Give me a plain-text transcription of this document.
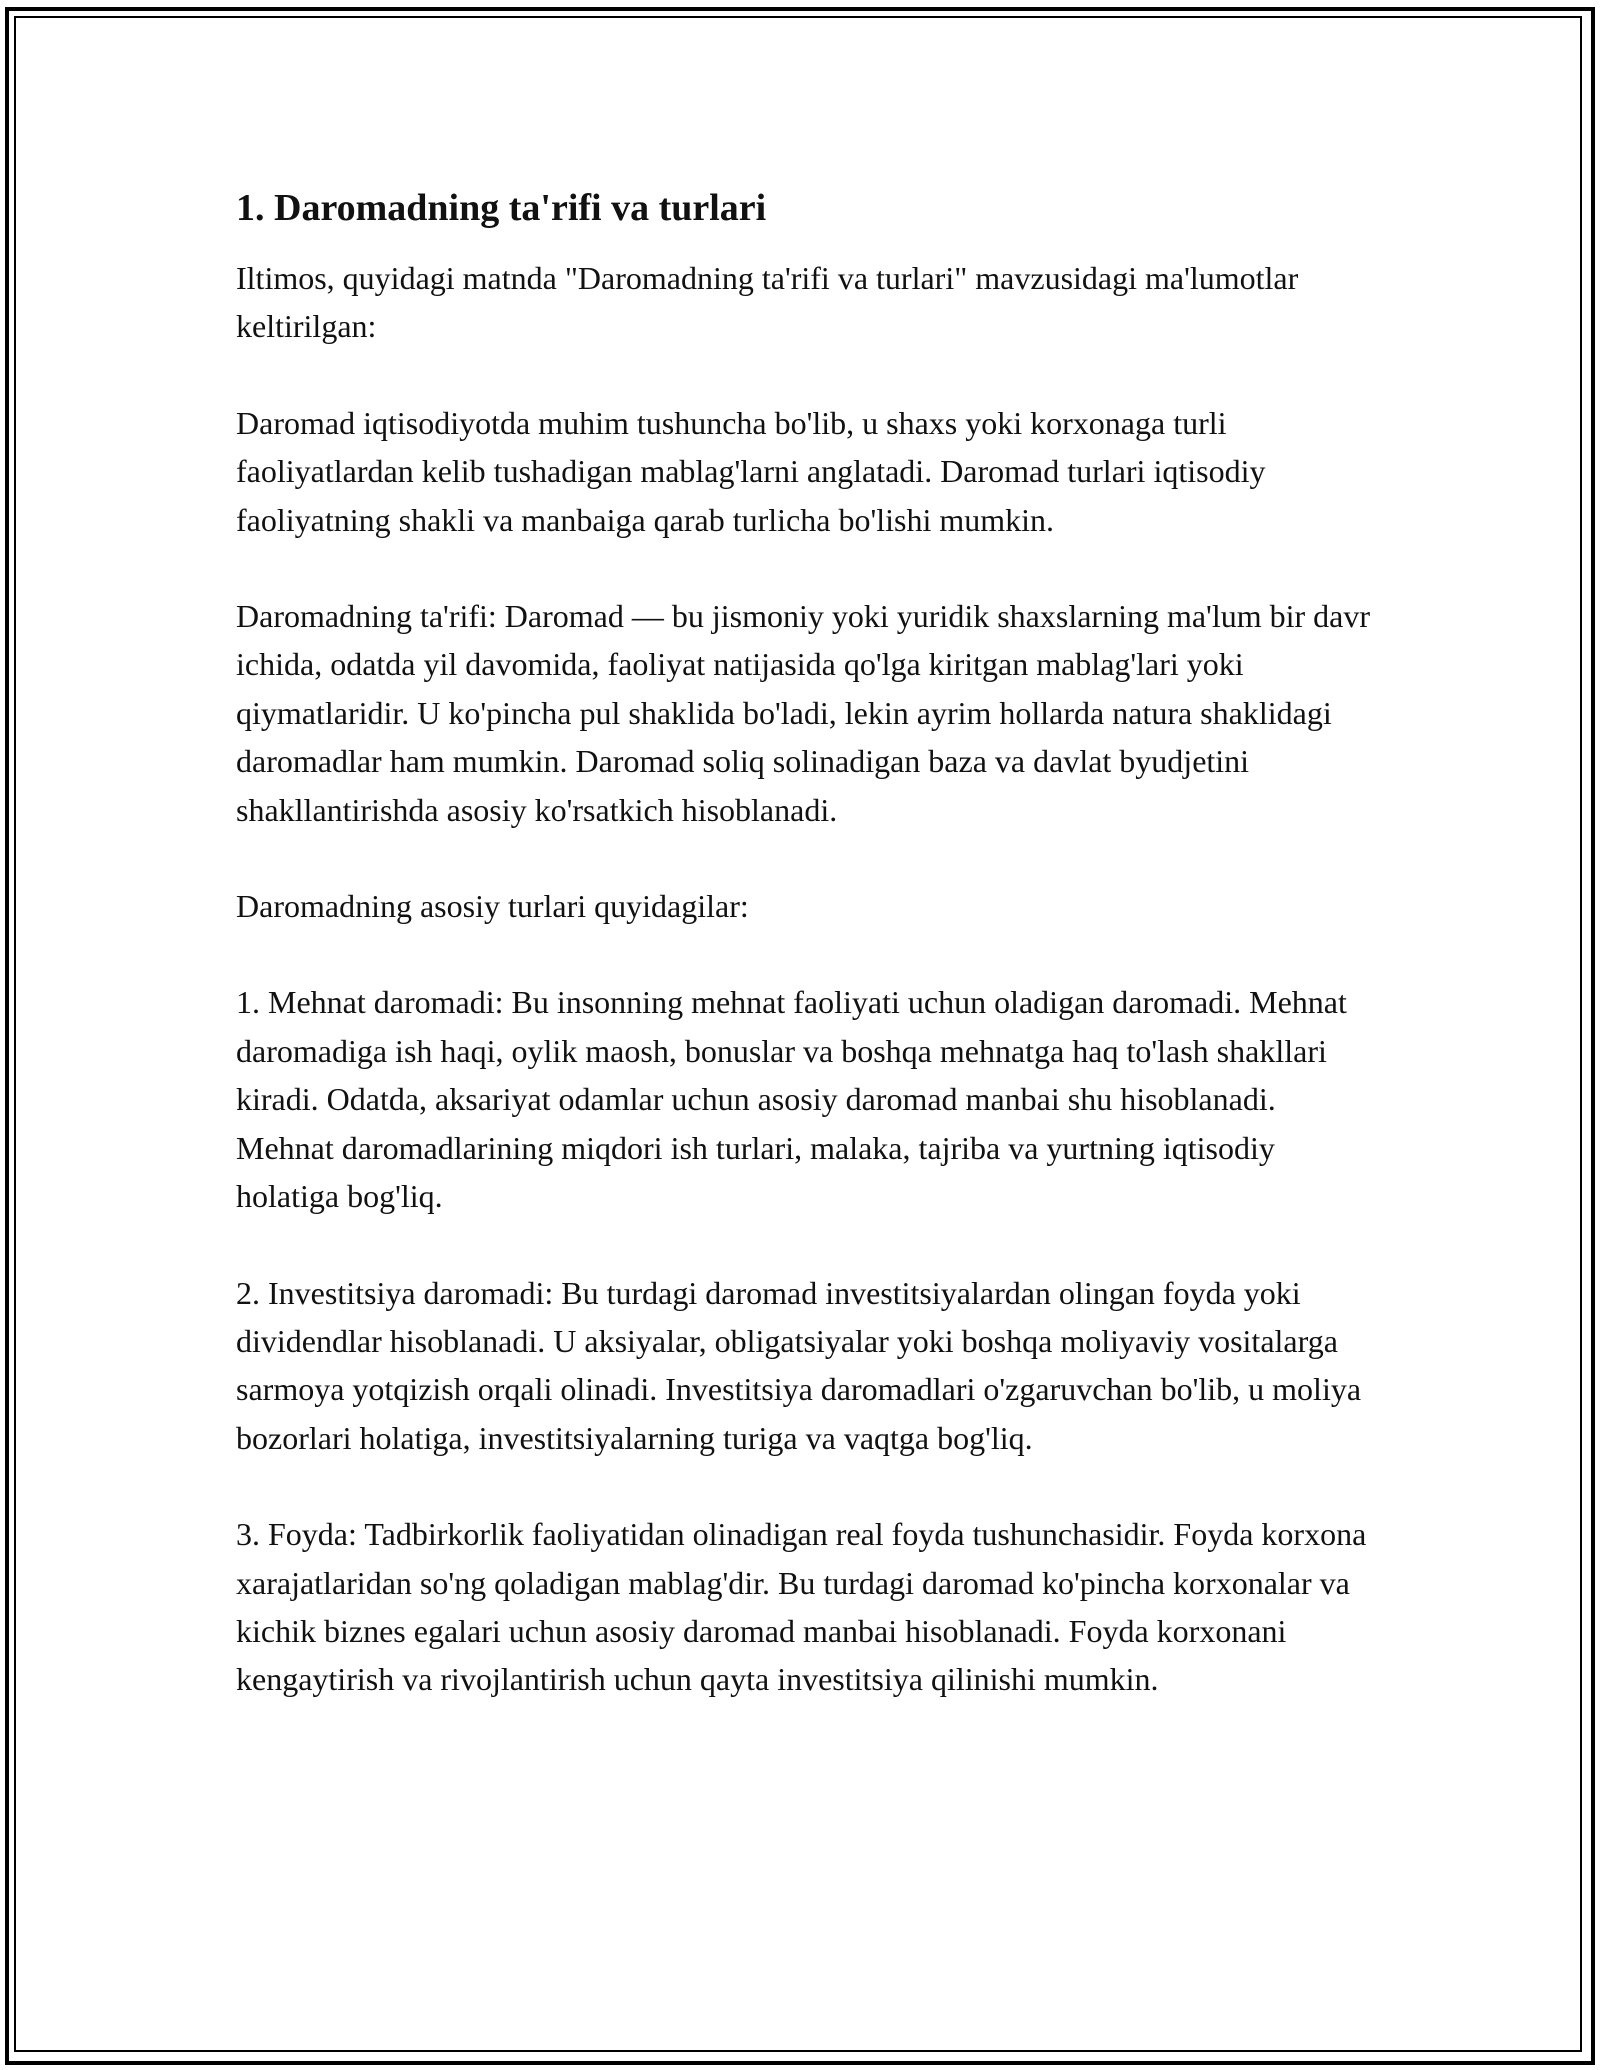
1. Daromadning ta'rifi va turlari

Iltimos, quyidagi matnda "Daromadning ta'rifi va turlari" mavzusidagi ma'lumotlar keltirilgan:

Daromad iqtisodiyotda muhim tushuncha bo'lib, u shaxs yoki korxonaga turli faoliyatlardan kelib tushadigan mablag'larni anglatadi. Daromad turlari iqtisodiy faoliyatning shakli va manbaiga qarab turlicha bo'lishi mumkin.

Daromadning ta'rifi: Daromad — bu jismoniy yoki yuridik shaxslarning ma'lum bir davr ichida, odatda yil davomida, faoliyat natijasida qo'lga kiritgan mablag'lari yoki qiymatlaridir. U ko'pincha pul shaklida bo'ladi, lekin ayrim hollarda natura shaklidagi daromadlar ham mumkin. Daromad soliq solinadigan baza va davlat byudjetini shakllantirishda asosiy ko'rsatkich hisoblanadi.

Daromadning asosiy turlari quyidagilar:

1. Mehnat daromadi: Bu insonning mehnat faoliyati uchun oladigan daromadi. Mehnat daromadiga ish haqi, oylik maosh, bonuslar va boshqa mehnatga haq to'lash shakllari kiradi. Odatda, aksariyat odamlar uchun asosiy daromad manbai shu hisoblanadi. Mehnat daromadlarining miqdori ish turlari, malaka, tajriba va yurtning iqtisodiy holatiga bog'liq.

2. Investitsiya daromadi: Bu turdagi daromad investitsiyalardan olingan foyda yoki dividendlar hisoblanadi. U aksiyalar, obligatsiyalar yoki boshqa moliyaviy vositalarga sarmoya yotqizish orqali olinadi. Investitsiya daromadlari o'zgaruvchan bo'lib, u moliya bozorlari holatiga, investitsiyalarning turiga va vaqtga bog'liq.

3. Foyda: Tadbirkorlik faoliyatidan olinadigan real foyda tushunchasidir. Foyda korxona xarajatlaridan so'ng qoladigan mablag'dir. Bu turdagi daromad ko'pincha korxonalar va kichik biznes egalari uchun asosiy daromad manbai hisoblanadi. Foyda korxonani kengaytirish va rivojlantirish uchun qayta investitsiya qilinishi mumkin.
